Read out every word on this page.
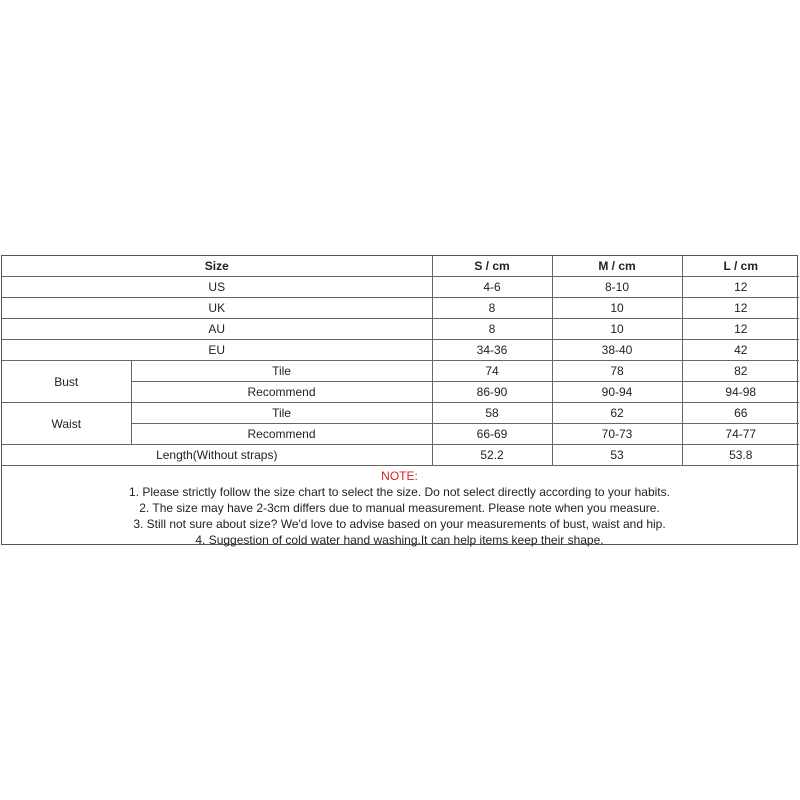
Size		S / cm	M / cm	L / cm
US		4-6	8-10	12
UK		8	10	12
AU		8	10	12
EU		34-36	38-40	42
Bust	Tile	74	78	82
	Recommend	86-90	90-94	94-98
Waist	Tile	58	62	66
	Recommend	66-69	70-73	74-77
Length(Without straps)		52.2	53	53.8
NOTE:
1. Please strictly follow the size chart to select the size. Do not select directly according to your habits.
2. The size may have 2-3cm differs due to manual measurement. Please note when you measure.
3. Still not sure about size? We'd love to advise based on your measurements of bust, waist and hip.
4. Suggestion of cold water hand washing.It can help items keep their shape.
